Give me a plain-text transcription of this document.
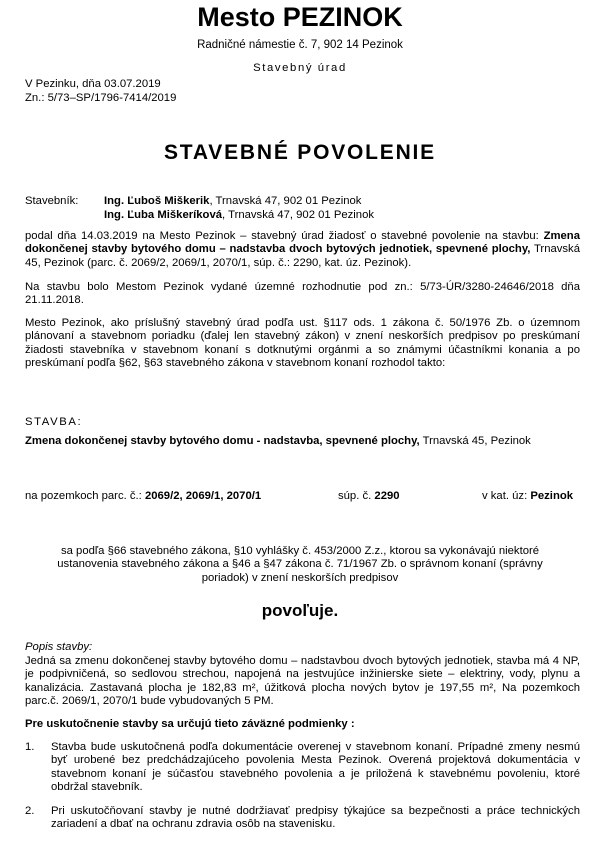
Mesto PEZINOK
Radničné námestie č. 7, 902 14 Pezinok
Stavebný úrad
V Pezinku, dňa 03.07.2019
Zn.: 5/73–SP/1796-7414/2019
STAVEBNÉ POVOLENIE
Stavebník: Ing. Ľuboš Miškerik, Trnavská 47, 902 01 Pezinok
Ing. Ľuba Miškeríková, Trnavská 47, 902 01 Pezinok
podal dňa 14.03.2019 na Mesto Pezinok – stavebný úrad žiadosť o stavebné povolenie na stavbu: Zmena dokončenej stavby bytového domu – nadstavba dvoch bytových jednotiek, spevnené plochy, Trnavská 45, Pezinok (parc. č. 2069/2, 2069/1, 2070/1, súp. č.: 2290, kat. úz. Pezinok).
Na stavbu bolo Mestom Pezinok vydané územné rozhodnutie pod zn.: 5/73-ÚR/3280-24646/2018 dňa 21.11.2018.
Mesto Pezinok, ako príslušný stavebný úrad podľa ust. §117 ods. 1 zákona č. 50/1976 Zb. o územnom plánovaní a stavebnom poriadku (ďalej len stavebný zákon) v znení neskorších predpisov po preskúmaní žiadosti stavebníka v stavebnom konaní s dotknutými orgánmi a so známymi účastníkmi konania a po preskúmaní podľa §62, §63 stavebného zákona v stavebnom konaní rozhodol takto:
STAVBA:
Zmena dokončenej stavby bytového domu - nadstavba, spevnené plochy, Trnavská 45, Pezinok
na pozemkoch parc. č.: 2069/2, 2069/1, 2070/1	súp. č. 2290	v kat. úz: Pezinok
sa podľa §66 stavebného zákona, §10 vyhlášky č. 453/2000 Z.z., ktorou sa vykonávajú niektoré ustanovenia stavebného zákona a §46 a §47 zákona č. 71/1967 Zb. o správnom konaní (správny poriadok) v znení neskorších predpisov
povoľuje.
Popis stavby:
Jedná sa zmenu dokončenej stavby bytového domu – nadstavbou dvoch bytových jednotiek, stavba má 4 NP, je podpivničená, so sedlovou strechou, napojená na jestvujúce inžinierske siete – elektriny, vody, plynu a kanalizácia. Zastavaná plocha je 182,83 m², úžitková plocha nových bytov je 197,55 m², Na pozemkoch parc.č. 2069/1, 2070/1 bude vybudovaných 5 PM.
Pre uskutočnenie stavby sa určujú tieto záväzné podmienky :
1. Stavba bude uskutočnená podľa dokumentácie overenej v stavebnom konaní. Prípadné zmeny nesmú byť urobené bez predchádzajúceho povolenia Mesta Pezinok. Overená projektová dokumentácia v stavebnom konaní je súčasťou stavebného povolenia a je priložená k stavebnému povoleniu, ktoré obdržal stavebník.
2. Pri uskutočňovaní stavby je nutné dodržiavať predpisy týkajúce sa bezpečnosti a práce technických zariadení a dbať na ochranu zdravia osôb na stavenisku.
